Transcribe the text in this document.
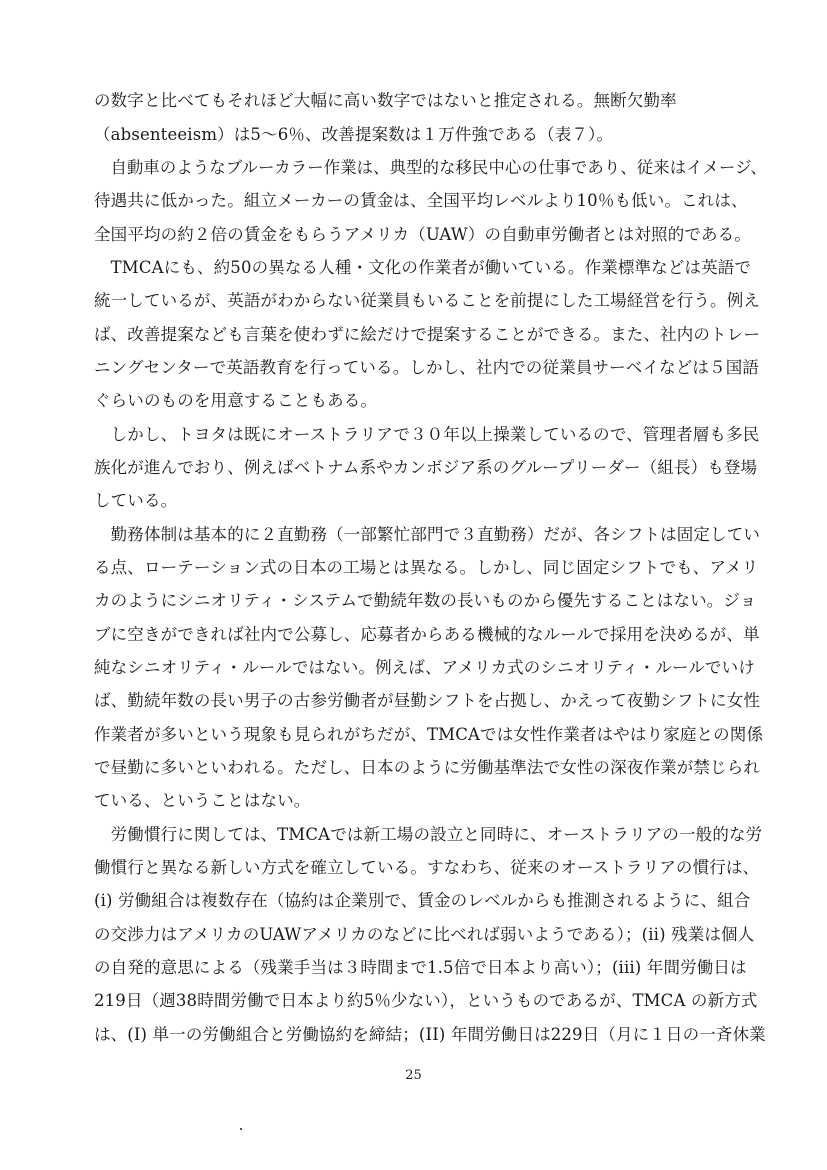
の数字と比べてもそれほど大幅に高い数字ではないと推定される。無断欠勤率
（absenteeism）は5～6％、改善提案数は１万件強である（表７）。
　自動車のようなブルーカラー作業は、典型的な移民中心の仕事であり、従来はイメージ、
待遇共に低かった。組立メーカーの賃金は、全国平均レベルより10％も低い。これは、
全国平均の約２倍の賃金をもらうアメリカ（UAW）の自動車労働者とは対照的である。
　TMCAにも、約50の異なる人種・文化の作業者が働いている。作業標準などは英語で
統一しているが、英語がわからない従業員もいることを前提にした工場経営を行う。例え
ば、改善提案なども言葉を使わずに絵だけで提案することができる。また、社内のトレー
ニングセンターで英語教育を行っている。しかし、社内での従業員サーベイなどは５国語
ぐらいのものを用意することもある。
　しかし、トヨタは既にオーストラリアで３０年以上操業しているので、管理者層も多民
族化が進んでおり、例えばベトナム系やカンボジア系のグループリーダー（組長）も登場
している。
　勤務体制は基本的に２直勤務（一部繁忙部門で３直勤務）だが、各シフトは固定してい
る点、ローテーション式の日本の工場とは異なる。しかし、同じ固定シフトでも、アメリ
カのようにシニオリティ・システムで勤続年数の長いものから優先することはない。ジョ
ブに空きができれば社内で公募し、応募者からある機械的なルールで採用を決めるが、単
純なシニオリティ・ルールではない。例えば、アメリカ式のシニオリティ・ルールでいけ
ば、勤続年数の長い男子の古参労働者が昼勤シフトを占拠し、かえって夜勤シフトに女性
作業者が多いという現象も見られがちだが、TMCAでは女性作業者はやはり家庭との関係
で昼勤に多いといわれる。ただし、日本のように労働基準法で女性の深夜作業が禁じられ
ている、ということはない。
　労働慣行に関しては、TMCAでは新工場の設立と同時に、オーストラリアの一般的な労
働慣行と異なる新しい方式を確立している。すなわち、従来のオーストラリアの慣行は、
(i) 労働組合は複数存在（協約は企業別で、賃金のレベルからも推測されるように、組合
の交渉力はアメリカのUAWアメリカのなどに比べれば弱いようである）；(ii) 残業は個人
の自発的意思による（残業手当は３時間まで1.5倍で日本より高い）；(iii) 年間労働日は
219日（週38時間労働で日本より約5％少ない），というものであるが、TMCA の新方式
は、(I) 単一の労働組合と労働協約を締結；(II) 年間労働日は229日（月に１日の一斉休業
25
